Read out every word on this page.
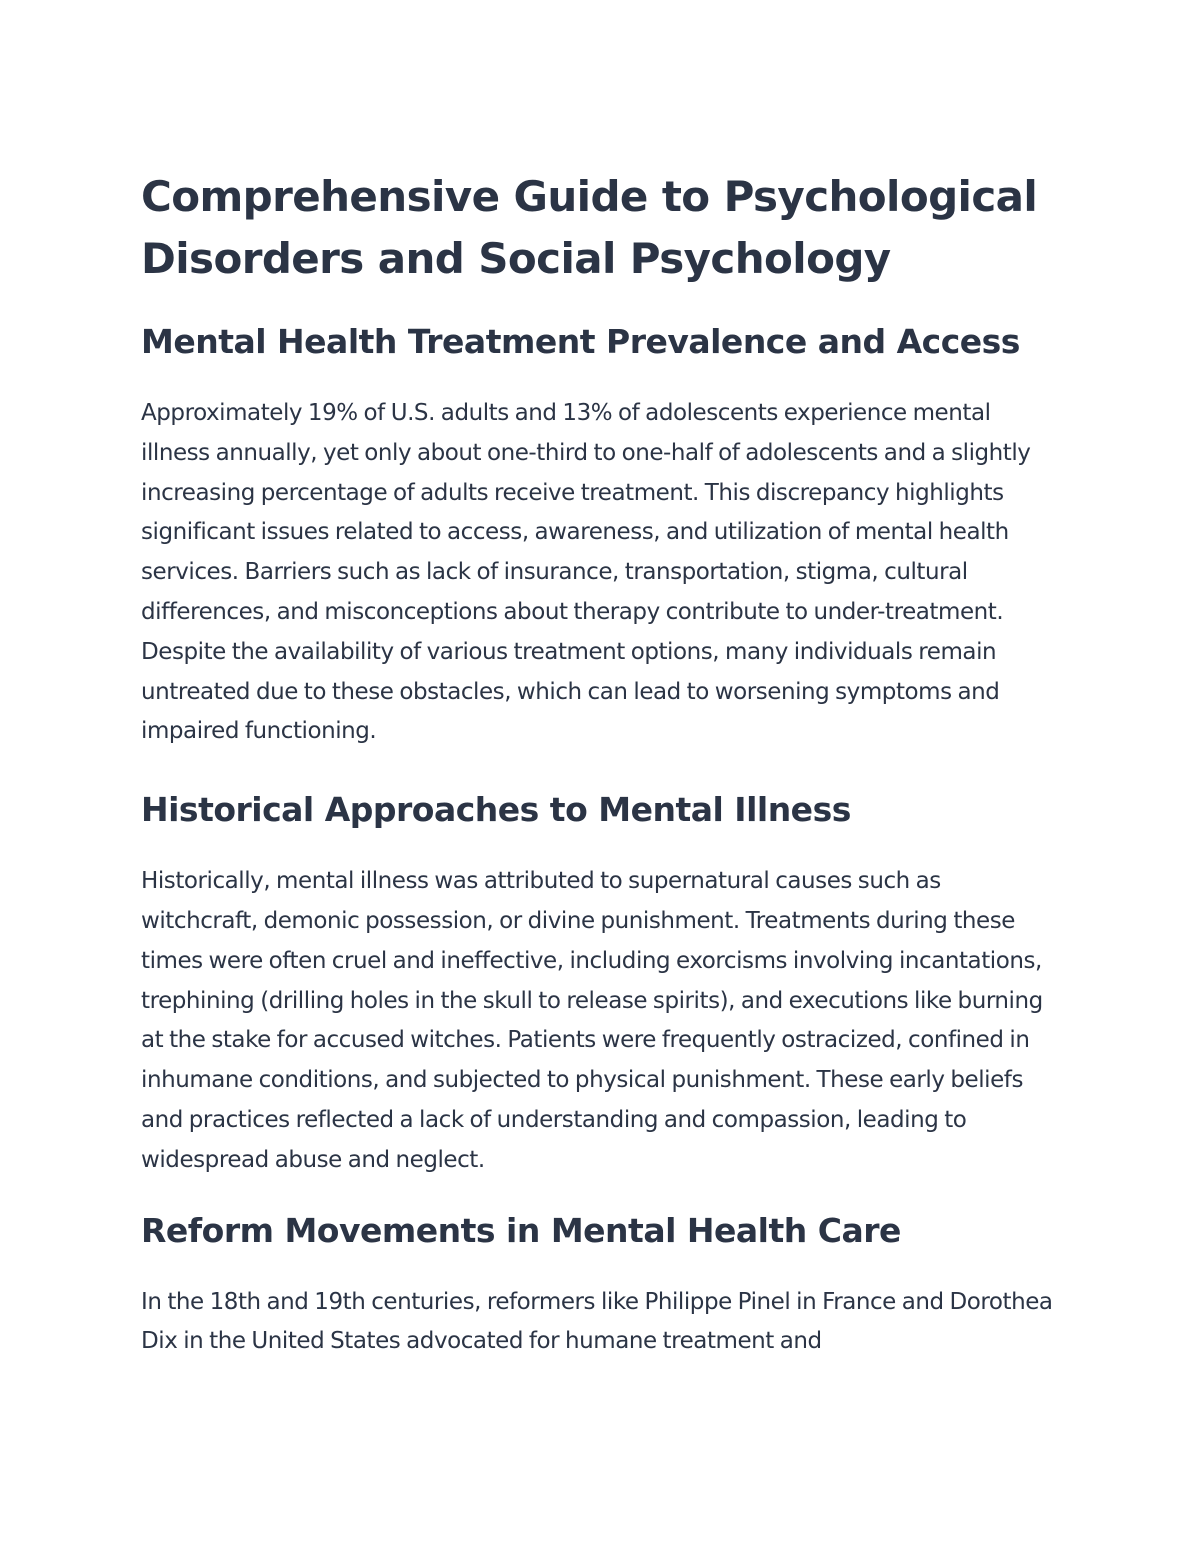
Comprehensive Guide to Psychological Disorders and Social Psychology
Mental Health Treatment Prevalence and Access

Approximately 19% of U.S. adults and 13% of adolescents experience mental illness annually, yet only about one-third to one-half of adolescents and a slightly increasing percentage of adults receive treatment. This discrepancy highlights significant issues related to access, awareness, and utilization of mental health services. Barriers such as lack of insurance, transportation, stigma, cultural differences, and misconceptions about therapy contribute to under-treatment. Despite the availability of various treatment options, many individuals remain untreated due to these obstacles, which can lead to worsening symptoms and impaired functioning.

Historical Approaches to Mental Illness

Historically, mental illness was attributed to supernatural causes such as witchcraft, demonic possession, or divine punishment. Treatments during these times were often cruel and ineffective, including exorcisms involving incantations, trephining (drilling holes in the skull to release spirits), and executions like burning at the stake for accused witches. Patients were frequently ostracized, confined in inhumane conditions, and subjected to physical punishment. These early beliefs and practices reflected a lack of understanding and compassion, leading to widespread abuse and neglect.

Reform Movements in Mental Health Care

In the 18th and 19th centuries, reformers like Philippe Pinel in France and Dorothea Dix in the United States advocated for humane treatment and
